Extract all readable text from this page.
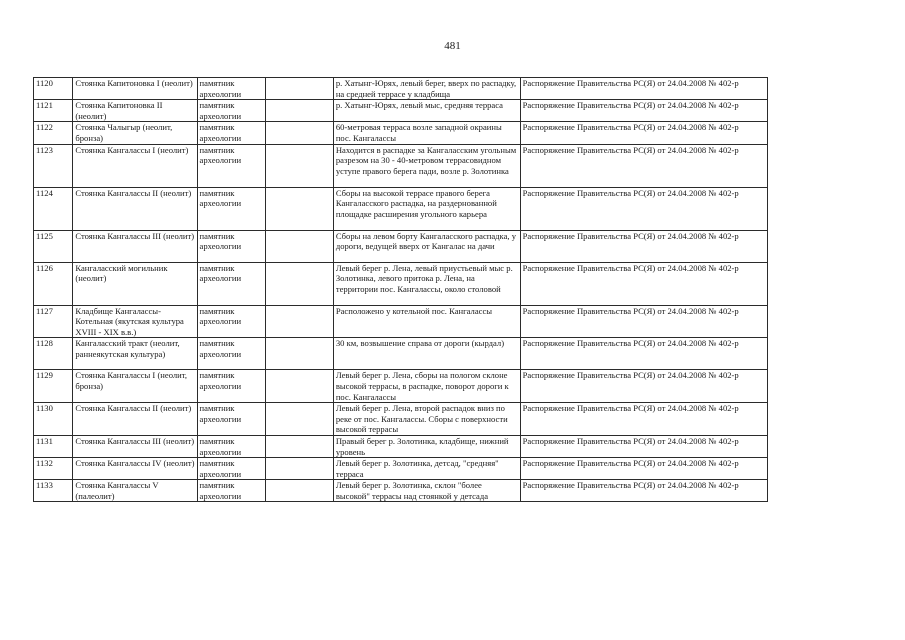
481
1120	Стоянка Капитоновка I (неолит)	памятник археологии		р. Хатынг-Юрях, левый берег, вверх по распадку, на средней террасе у кладбища	Распоряжение Правительства РС(Я) от 24.04.2008 № 402-р

1121	Стоянка Капитоновка II (неолит)	памятник археологии		р. Хатынг-Юрях, левый мыс, средняя терраса	Распоряжение Правительства РС(Я) от 24.04.2008 № 402-р

1122	Стоянка Чалыгыр (неолит, бронза)	памятник археологии		60-метровая терраса возле западной окраины пос. Кангалассы	Распоряжение Правительства РС(Я) от 24.04.2008 № 402-р

1123	Стоянка Кангалассы I (неолит)	памятник археологии		Находится в распадке за Кангаласским угольным разрезом на 30 - 40-метровом террасовидном уступе правого берега пади, возле р. Золотинка	Распоряжение Правительства РС(Я) от 24.04.2008 № 402-р

1124	Стоянка Кангалассы II (неолит)	памятник археологии		Сборы на высокой террасе правого берега Кангаласского распадка, на раздернованной площадке расширения угольного карьера	Распоряжение Правительства РС(Я) от 24.04.2008 № 402-р

1125	Стоянка Кангалассы III (неолит)	памятник археологии		Сборы на левом борту Кангаласского распадка, у дороги, ведущей вверх от Кангалас на дачи	Распоряжение Правительства РС(Я) от 24.04.2008 № 402-р

1126	Кангаласский могильник (неолит)	памятник археологии		Левый берег р. Лена, левый приустьевый мыс р. Золотинка, левого притока р. Лена, на территории пос. Кангалассы, около столовой	Распоряжение Правительства РС(Я) от 24.04.2008 № 402-р

1127	Кладбище Кангалассы-Котельная (якутская культура XVIII - XIX в.в.)	памятник археологии		Расположено у котельной пос. Кангалассы	Распоряжение Правительства РС(Я) от 24.04.2008 № 402-р

1128	Кангаласский тракт (неолит, раннеякутская культура)	памятник археологии		30 км, возвышение справа от дороги (кырдал)	Распоряжение Правительства РС(Я) от 24.04.2008 № 402-р

1129	Стоянка Кангалассы I (неолит, бронза)	памятник археологии		Левый берег р. Лена, сборы на пологом склоне высокой террасы, в распадке, поворот дороги к пос. Кангалассы	Распоряжение Правительства РС(Я) от 24.04.2008 № 402-р

1130	Стоянка Кангалассы II (неолит)	памятник археологии		Левый берег р. Лена, второй распадок вниз по реке от пос. Кангалассы. Сборы с поверхности высокой террасы	Распоряжение Правительства РС(Я) от 24.04.2008 № 402-р

1131	Стоянка Кангалассы III (неолит)	памятник археологии		Правый берег р. Золотинка, кладбище, нижний уровень	Распоряжение Правительства РС(Я) от 24.04.2008 № 402-р

1132	Стоянка Кангалассы IV (неолит)	памятник археологии		Левый берег р. Золотинка, детсад, "средняя" терраса	Распоряжение Правительства РС(Я) от 24.04.2008 № 402-р

1133	Стоянка Кангалассы V (палеолит)	памятник археологии		Левый берег р. Золотинка, склон "более высокой" террасы над стоянкой у детсада	Распоряжение Правительства РС(Я) от 24.04.2008 № 402-р
